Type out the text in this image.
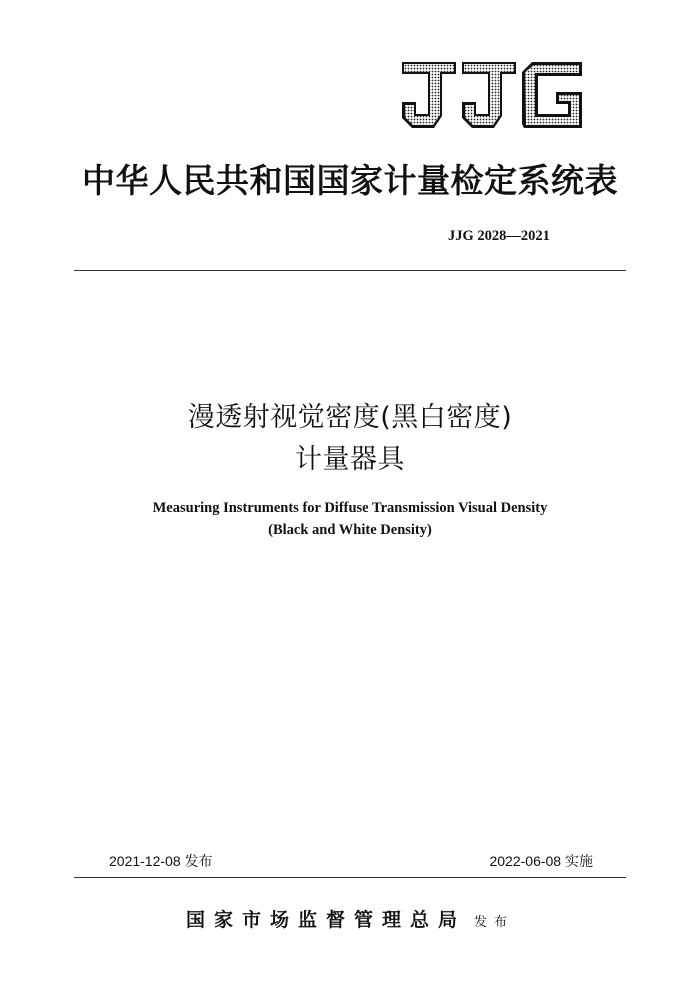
中华人民共和国国家计量检定系统表
JJG 2028—2021
漫透射视觉密度(黑白密度)
计量器具
Measuring Instruments for Diffuse Transmission Visual Density
(Black and White Density)
2021-12-08 发布	2022-06-08 实施
国家市场监督管理总局 发布
